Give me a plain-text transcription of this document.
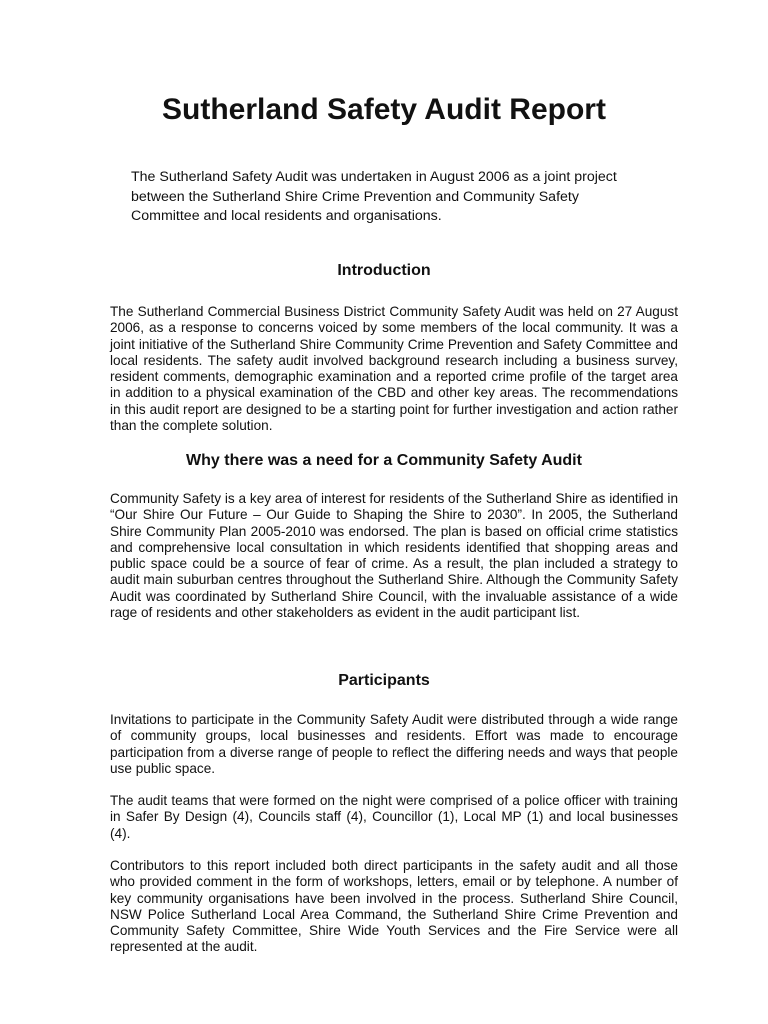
Sutherland Safety Audit Report

The Sutherland Safety Audit was undertaken in August 2006 as a joint project between the Sutherland Shire Crime Prevention and Community Safety Committee and local residents and organisations.

Introduction

The Sutherland Commercial Business District Community Safety Audit was held on 27 August 2006, as a response to concerns voiced by some members of the local community. It was a joint initiative of the Sutherland Shire Community Crime Prevention and Safety Committee and local residents. The safety audit involved background research including a business survey, resident comments, demographic examination and a reported crime profile of the target area in addition to a physical examination of the CBD and other key areas. The recommendations in this audit report are designed to be a starting point for further investigation and action rather than the complete solution.

Why there was a need for a Community Safety Audit

Community Safety is a key area of interest for residents of the Sutherland Shire as identified in “Our Shire Our Future – Our Guide to Shaping the Shire to 2030”. In 2005, the Sutherland Shire Community Plan 2005-2010 was endorsed. The plan is based on official crime statistics and comprehensive local consultation in which residents identified that shopping areas and public space could be a source of fear of crime. As a result, the plan included a strategy to audit main suburban centres throughout the Sutherland Shire. Although the Community Safety Audit was coordinated by Sutherland Shire Council, with the invaluable assistance of a wide rage of residents and other stakeholders as evident in the audit participant list.

Participants

Invitations to participate in the Community Safety Audit were distributed through a wide range of community groups, local businesses and residents. Effort was made to encourage participation from a diverse range of people to reflect the differing needs and ways that people use public space.

The audit teams that were formed on the night were comprised of a police officer with training in Safer By Design (4), Councils staff (4), Councillor (1), Local MP (1) and local businesses (4).

Contributors to this report included both direct participants in the safety audit and all those who provided comment in the form of workshops, letters, email or by telephone. A number of key community organisations have been involved in the process. Sutherland Shire Council, NSW Police Sutherland Local Area Command, the Sutherland Shire Crime Prevention and Community Safety Committee, Shire Wide Youth Services and the Fire Service were all represented at the audit.
